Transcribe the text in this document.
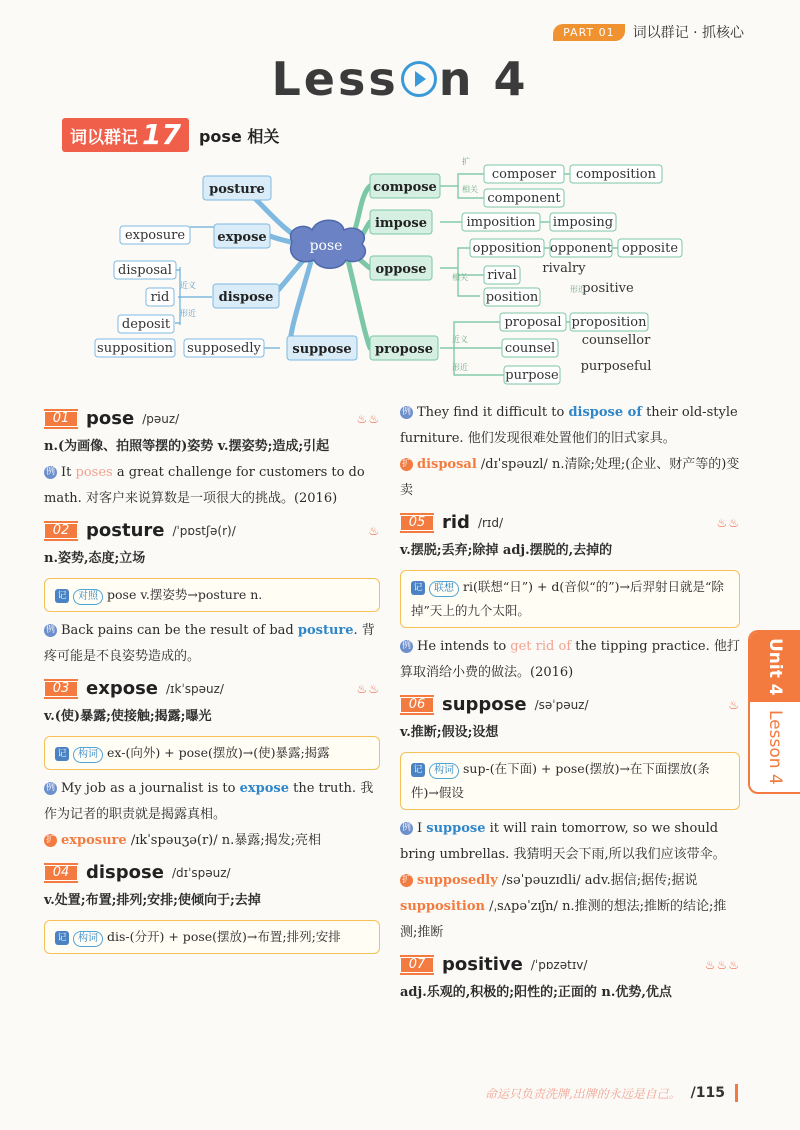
PART 01	词以群记 · 抓核心
Less n 4
词以群记 17 pose 相关
pose
posture
expose
dispose
suppose
compose
impose
oppose
propose
exposure
disposal
rid
deposit
supposition supposedly
composer composition
component
imposition imposing
opposition opponent opposite
rival rivalry
position
positive
proposal proposition
counsel
counsellor
purpose
purposeful
扩
相关
相关
形近
近义
形近
近义
形近
01 pose /pəuz/	♨♨
n.(为画像、拍照等摆的)姿势 v.摆姿势;造成;引起
例 It poses a great challenge for customers to do math. 对客户来说算数是一项很大的挑战。(2016)
02 posture /ˈpɒstʃə(r)/	♨
n.姿势,态度;立场
记 对照 pose v.摆姿势→posture n.
例 Back pains can be the result of bad posture. 背疼可能是不良姿势造成的。
03 expose /ɪkˈspəuz/	♨♨
v.(使)暴露;使接触;揭露;曝光
记 构词 ex-(向外) + pose(摆放)→(使)暴露;揭露
例 My job as a journalist is to expose the truth. 我作为记者的职责就是揭露真相。
扩 exposure /ɪkˈspəuʒə(r)/ n.暴露;揭发;亮相
04 dispose /dɪˈspəuz/
v.处置;布置;排列;安排;使倾向于;去掉
记 构词 dis-(分开) + pose(摆放)→布置;排列;安排
例 They find it difficult to dispose of their old-style furniture. 他们发现很难处置他们的旧式家具。
扩 disposal /dɪˈspəuzl/ n.清除;处理;(企业、财产等的)变卖
05 rid /rɪd/	♨♨
v.摆脱;丢弃;除掉 adj.摆脱的,去掉的
记 联想 ri(联想“日”) + d(音似“的”)→后羿射日就是“除掉”天上的九个太阳。
例 He intends to get rid of the tipping practice. 他打算取消给小费的做法。(2016)
06 suppose /səˈpəuz/	♨
v.推断;假设;设想
记 构词 sup-(在下面) + pose(摆放)→在下面摆放(条件)→假设
例 I suppose it will rain tomorrow, so we should bring umbrellas. 我猜明天会下雨,所以我们应该带伞。
扩 supposedly /səˈpəuzɪdli/ adv.据信;据传;据说
supposition /ˌsʌpəˈzɪʃn/ n.推测的想法;推断的结论;推测;推断
07 positive /ˈpɒzətɪv/	♨♨♨
adj.乐观的,积极的;阳性的;正面的 n.优势,优点
Unit 4
Lesson 4
命运只负责洗牌,出牌的永远是自己。 /115
